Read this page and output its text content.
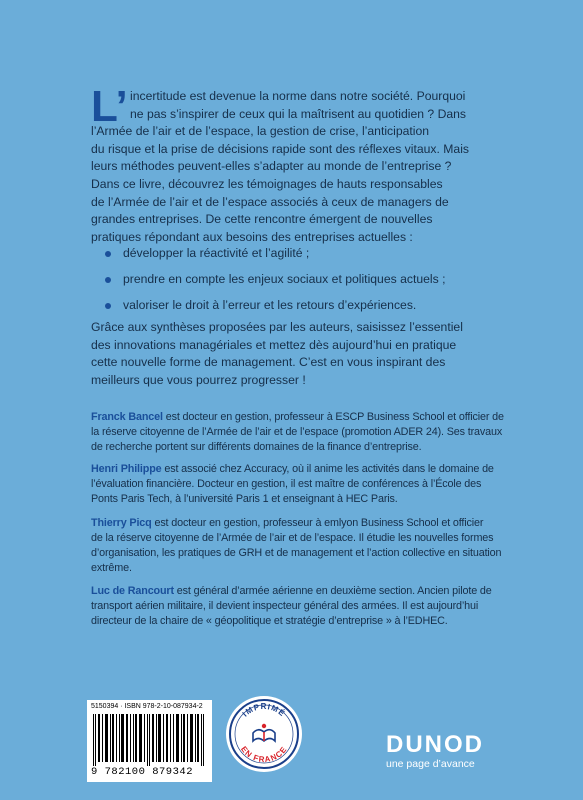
L’ incertitude est devenue la norme dans notre société. Pourquoi
ne pas s’inspirer de ceux qui la maîtrisent au quotidien ? Dans
l’Armée de l’air et de l’espace, la gestion de crise, l’anticipation
du risque et la prise de décisions rapide sont des réflexes vitaux. Mais
leurs méthodes peuvent-elles s’adapter au monde de l’entreprise ?
Dans ce livre, découvrez les témoignages de hauts responsables
de l’Armée de l’air et de l’espace associés à ceux de managers de
grandes entreprises. De cette rencontre émergent de nouvelles
pratiques répondant aux besoins des entreprises actuelles :
développer la réactivité et l’agilité ;
prendre en compte les enjeux sociaux et politiques actuels ;
valoriser le droit à l’erreur et les retours d’expériences.
Grâce aux synthèses proposées par les auteurs, saisissez l’essentiel
des innovations managériales et mettez dès aujourd’hui en pratique
cette nouvelle forme de management. C’est en vous inspirant des
meilleurs que vous pourrez progresser !
Franck Bancel est docteur en gestion, professeur à ESCP Business School et officier de
la réserve citoyenne de l’Armée de l’air et de l’espace (promotion ADER 24). Ses travaux
de recherche portent sur différents domaines de la finance d’entreprise.
Henri Philippe est associé chez Accuracy, où il anime les activités dans le domaine de
l’évaluation financière. Docteur en gestion, il est maître de conférences à l’École des
Ponts Paris Tech, à l’université Paris 1 et enseignant à HEC Paris.
Thierry Picq est docteur en gestion, professeur à emlyon Business School et officier
de la réserve citoyenne de l’Armée de l’air et de l’espace. Il étudie les nouvelles formes
d’organisation, les pratiques de GRH et de management et l’action collective en situation
extrême.
Luc de Rancourt est général d’armée aérienne en deuxième section. Ancien pilote de
transport aérien militaire, il devient inspecteur général des armées. Il est aujourd’hui
directeur de la chaire de « géopolitique et stratégie d’entreprise » à l’EDHEC.
5150394 · ISBN 978-2-10-087934-2
9 782100 879342
IMPRIMÉ
EN FRANCE	DUNOD
une page d’avance
